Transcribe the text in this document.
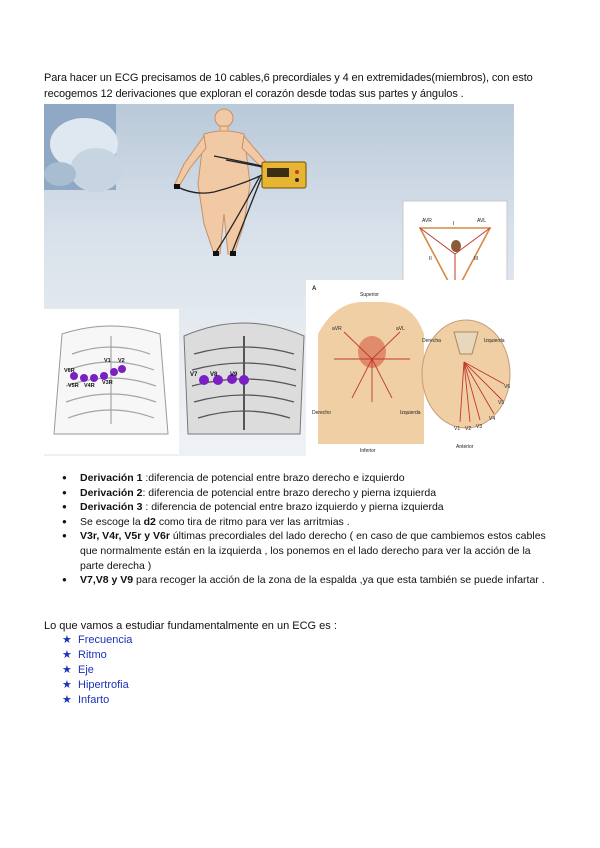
Para hacer un ECG precisamos de 10 cables,6 precordiales y 4 en extremidades(miembros), con esto
recogemos 12 derivaciones que exploran el corazón desde todas sus partes y ángulos .
AVR	AVL
I
II	III
V1 V2
V6R
V5R V4R V3R
V7 V8 V9
A
Superior
Inferior
Derecho	Izquierda
aVR	aVL
Derecha	Izquierda
Anterior
V1 V2 V3
V4
V5
V6
● Derivación 1 :diferencia de potencial entre brazo derecho e izquierdo
● Derivación 2: diferencia de potencial entre brazo derecho y pierna izquierda
● Derivación 3 : diferencia de potencial entre brazo izquierdo y pierna izquierda
● Se escoge la d2 como tira de ritmo para ver las arritmias .
● V3r, V4r, V5r y V6r últimas precordiales del lado derecho ( en caso de que cambiemos estos cables que normalmente están en la izquierda , los ponemos en el lado derecho para ver la acción de la parte derecha )
● V7,V8 y V9 para recoger la acción de la zona de la espalda ,ya que esta también se puede infartar .
Lo que vamos a estudiar fundamentalmente en un ECG es :
★ Frecuencia
★ Ritmo
★ Eje
★ Hipertrofia
★ Infarto
